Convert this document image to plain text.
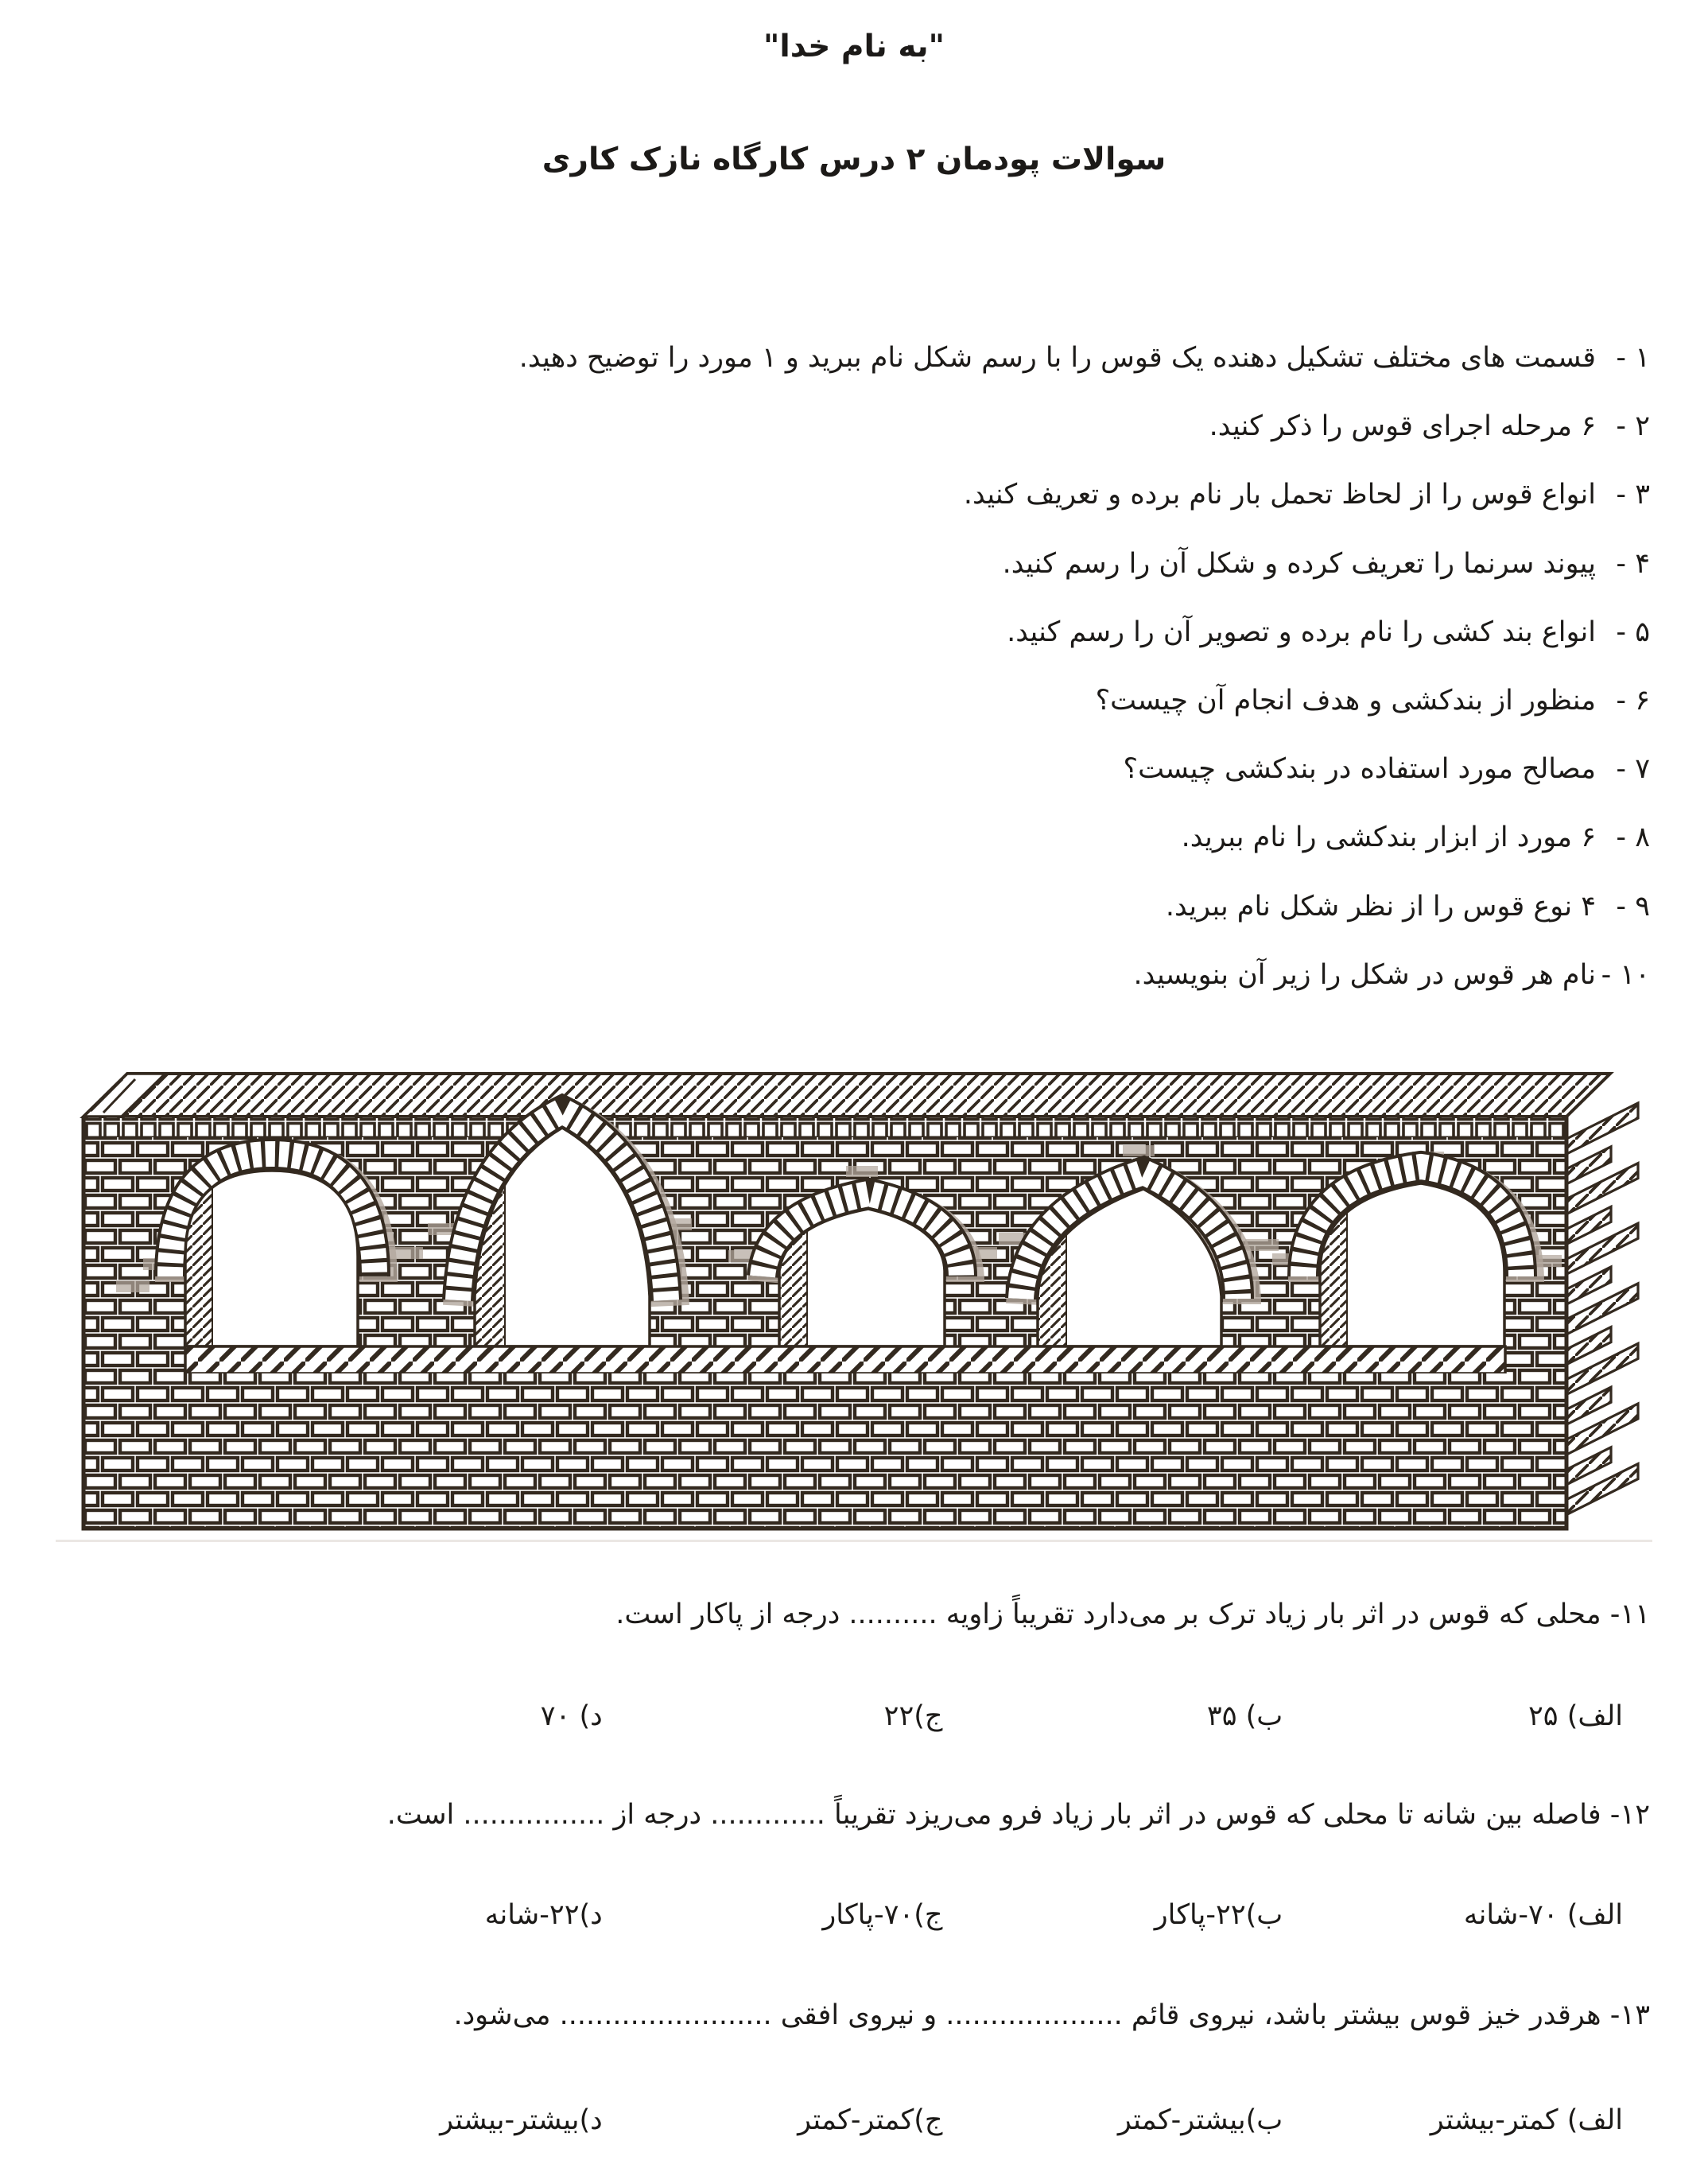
"به نام خدا"
سوالات پودمان ۲ درس کارگاه نازک کاری
۱ -
قسمت های مختلف تشکیل دهنده یک قوس را با رسم شکل نام ببرید و ۱ مورد را توضیح دهید.
۲ -
۶ مرحله اجرای قوس را ذکر کنید.
۳ -
انواع قوس را از لحاظ تحمل بار نام برده و تعریف کنید.
۴ -
پیوند سرنما را تعریف کرده و شکل آن را رسم کنید.
۵ -
انواع بند کشی را نام برده و تصویر آن را رسم کنید.
۶ -
منظور از بندکشی و هدف انجام آن چیست؟
۷ -
مصالح مورد استفاده در بندکشی چیست؟
۸ -
۶ مورد از ابزار بندکشی را نام ببرید.
۹ -
۴ نوع قوس را از نظر شکل نام ببرید.
۱۰ -
نام هر قوس در شکل را زیر آن بنویسید.
۱۱- محلی که قوس در اثر بار زیاد ترک بر می‌دارد تقریباً زاویه .......... درجه از پاکار است.
الف) ۲۵
ب) ۳۵
ج)۲۲
د) ۷۰
۱۲- فاصله بین شانه تا محلی که قوس در اثر بار زیاد فرو می‌ریزد تقریباً ............. درجه از ................ است.
الف) ۷۰-شانه
ب)۲۲-پاکار
ج)۷۰-پاکار
د)۲۲-شانه
۱۳- هرقدر خیز قوس بیشتر باشد، نیروی قائم .................... و نیروی افقی ........................ می‌شود.
الف) کمتر-بیشتر
ب)بیشتر-کمتر
ج)کمتر-کمتر
د)بیشتر-بیشتر
